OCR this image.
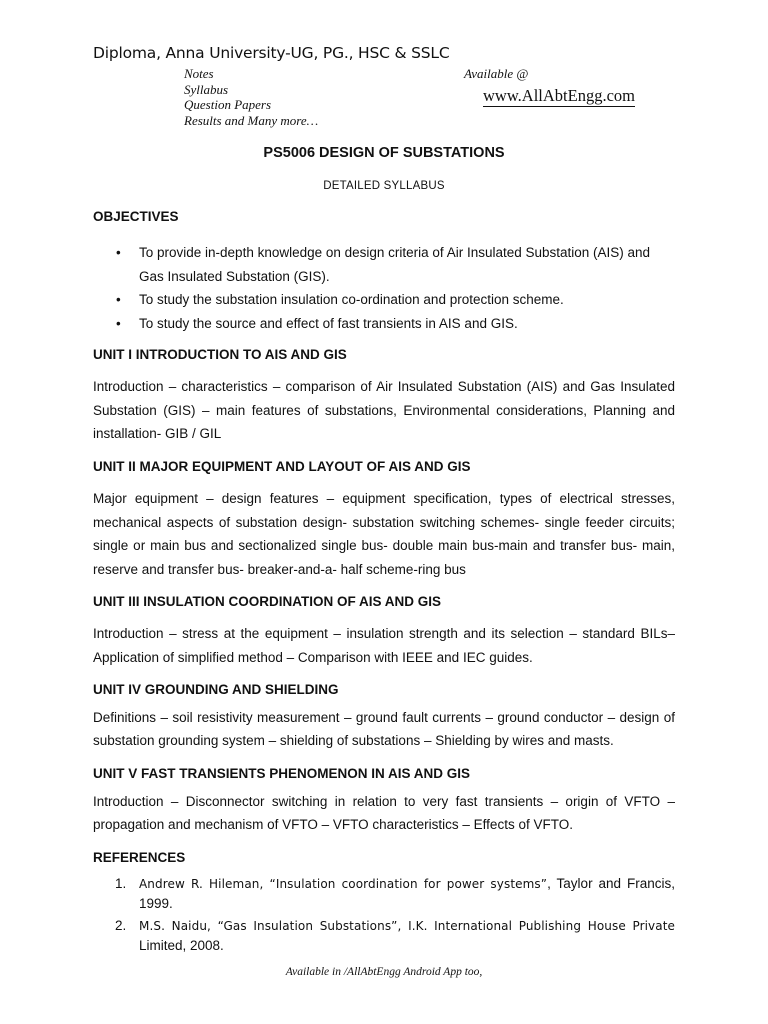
Diploma, Anna University-UG, PG., HSC & SSLC
Notes
Syllabus
Question Papers
Results and Many more…
Available @
www.AllAbtEngg.com
PS5006 DESIGN OF SUBSTATIONS
DETAILED SYLLABUS
OBJECTIVES
• To provide in-depth knowledge on design criteria of Air Insulated Substation (AIS) and Gas Insulated Substation (GIS).
• To study the substation insulation co-ordination and protection scheme.
• To study the source and effect of fast transients in AIS and GIS.
UNIT I INTRODUCTION TO AIS AND GIS
Introduction – characteristics – comparison of Air Insulated Substation (AIS) and Gas Insulated Substation (GIS) – main features of substations, Environmental considerations, Planning and installation- GIB / GIL
UNIT II MAJOR EQUIPMENT AND LAYOUT OF AIS AND GIS
Major equipment – design features – equipment specification, types of electrical stresses, mechanical aspects of substation design- substation switching schemes- single feeder circuits; single or main bus and sectionalized single bus- double main bus-main and transfer bus- main, reserve and transfer bus- breaker-and-a- half scheme-ring bus
UNIT III INSULATION COORDINATION OF AIS AND GIS
Introduction – stress at the equipment – insulation strength and its selection – standard BILs– Application of simplified method – Comparison with IEEE and IEC guides.
UNIT IV GROUNDING AND SHIELDING
Definitions – soil resistivity measurement – ground fault currents – ground conductor – design of substation grounding system – shielding of substations – Shielding by wires and masts.
UNIT V FAST TRANSIENTS PHENOMENON IN AIS AND GIS
Introduction – Disconnector switching in relation to very fast transients – origin of VFTO – propagation and mechanism of VFTO – VFTO characteristics – Effects of VFTO.
REFERENCES
1. Andrew R. Hileman, “Insulation coordination for power systems”, Taylor and Francis, 1999.
2. M.S. Naidu, “Gas Insulation Substations”, I.K. International Publishing House Private Limited, 2008.
Available in /AllAbtEngg Android App too,
